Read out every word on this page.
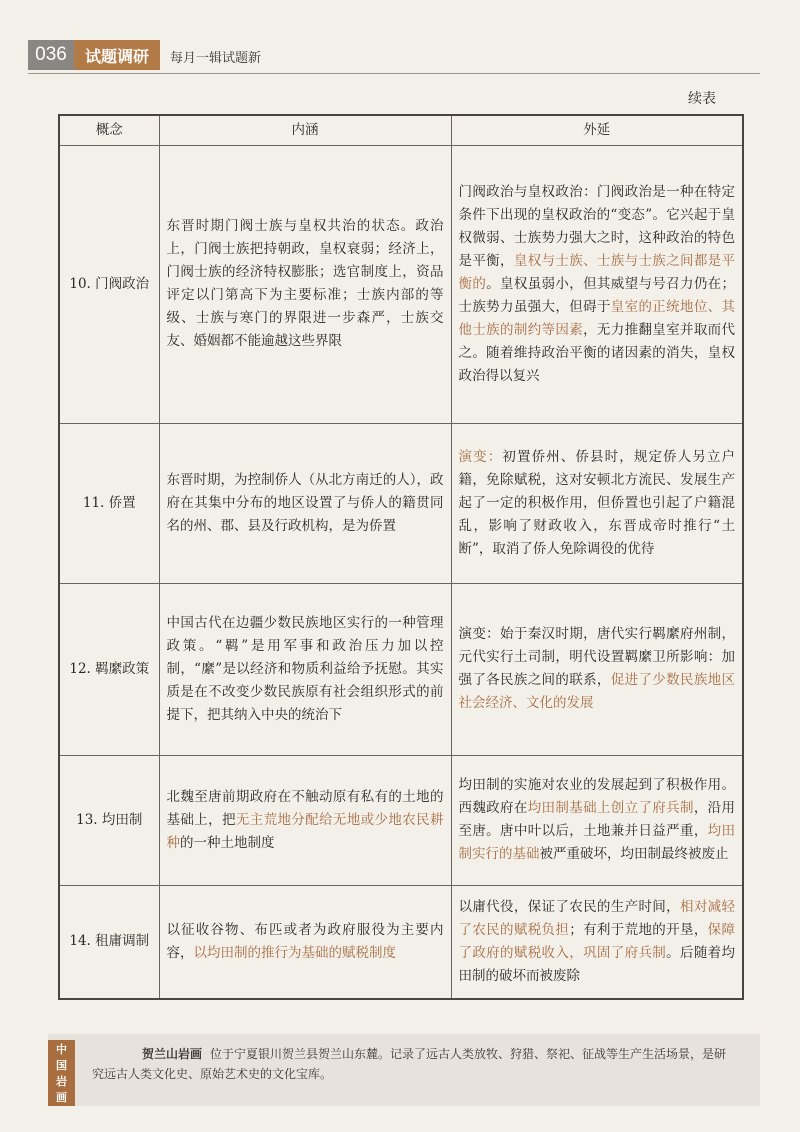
036	试题调研	每月一辑试题新
续表
概念	内涵	外延
10. 门阀政治	东晋时期门阀士族与皇权共治的状态。政治上，门阀士族把持朝政，皇权衰弱；经济上，门阀士族的经济特权膨胀；选官制度上，资品评定以门第高下为主要标准；士族内部的等级、士族与寒门的界限进一步森严，士族交友、婚姻都不能逾越这些界限	门阀政治与皇权政治：门阀政治是一种在特定条件下出现的皇权政治的“变态”。它兴起于皇权微弱、士族势力强大之时，这种政治的特色是平衡，皇权与士族、士族与士族之间都是平衡的。皇权虽弱小，但其威望与号召力仍在；士族势力虽强大，但碍于皇室的正统地位、其他士族的制约等因素，无力推翻皇室并取而代之。随着维持政治平衡的诸因素的消失，皇权政治得以复兴
11. 侨置	东晋时期，为控制侨人（从北方南迁的人），政府在其集中分布的地区设置了与侨人的籍贯同名的州、郡、县及行政机构，是为侨置	演变：初置侨州、侨县时，规定侨人另立户籍，免除赋税，这对安顿北方流民、发展生产起了一定的积极作用，但侨置也引起了户籍混乱，影响了财政收入，东晋成帝时推行“土断”，取消了侨人免除调役的优待
12. 羁縻政策	中国古代在边疆少数民族地区实行的一种管理政策。“羁”是用军事和政治压力加以控制，“縻”是以经济和物质利益给予抚慰。其实质是在不改变少数民族原有社会组织形式的前提下，把其纳入中央的统治下	演变：始于秦汉时期，唐代实行羁縻府州制，元代实行土司制，明代设置羁縻卫所影响：加强了各民族之间的联系，促进了少数民族地区社会经济、文化的发展
13. 均田制	北魏至唐前期政府在不触动原有私有的土地的基础上，把无主荒地分配给无地或少地农民耕种的一种土地制度	均田制的实施对农业的发展起到了积极作用。西魏政府在均田制基础上创立了府兵制，沿用至唐。唐中叶以后，土地兼并日益严重，均田制实行的基础被严重破坏，均田制最终被废止
14. 租庸调制	以征收谷物、布匹或者为政府服役为主要内容，以均田制的推行为基础的赋税制度	以庸代役，保证了农民的生产时间，相对减轻了农民的赋税负担；有利于荒地的开垦，保障了政府的赋税收入，巩固了府兵制。后随着均田制的破坏而被废除
中国岩画
贺兰山岩画 位于宁夏银川贺兰县贺兰山东麓。记录了远古人类放牧、狩猎、祭祀、征战等生产生活场景，是研究远古人类文化史、原始艺术史的文化宝库。
